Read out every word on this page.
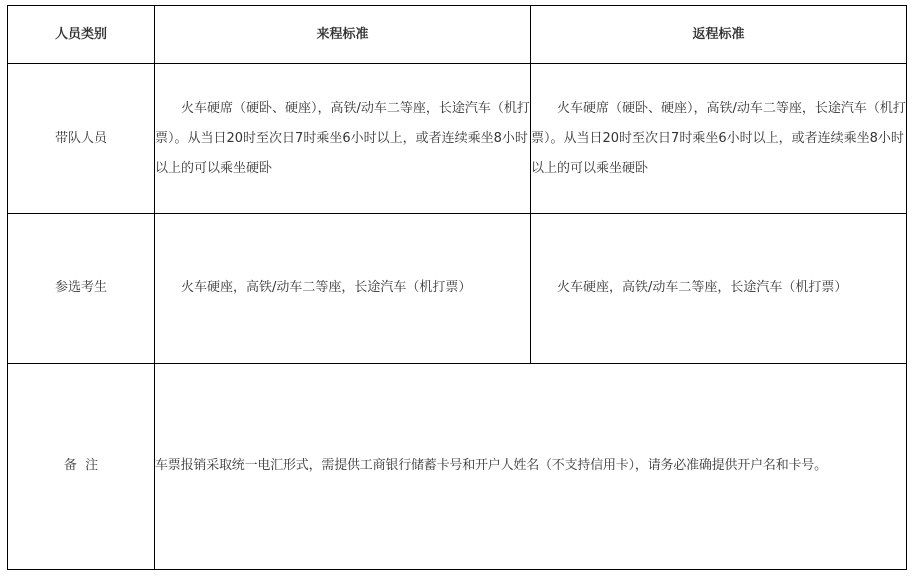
人员类别	来程标准	返程标准
带队人员	火车硬席（硬卧、硬座），高铁/动车二等座，长途汽车（机打票）。从当日20时至次日7时乘坐6小时以上，或者连续乘坐8小时以上的可以乘坐硬卧	火车硬席（硬卧、硬座），高铁/动车二等座，长途汽车（机打票）。从当日20时至次日7时乘坐6小时以上，或者连续乘坐8小时以上的可以乘坐硬卧
参选考生	火车硬座，高铁/动车二等座，长途汽车（机打票）	火车硬座，高铁/动车二等座，长途汽车（机打票）
备  注	车票报销采取统一电汇形式，需提供工商银行储蓄卡号和开户人姓名（不支持信用卡），请务必准确提供开户名和卡号。	
